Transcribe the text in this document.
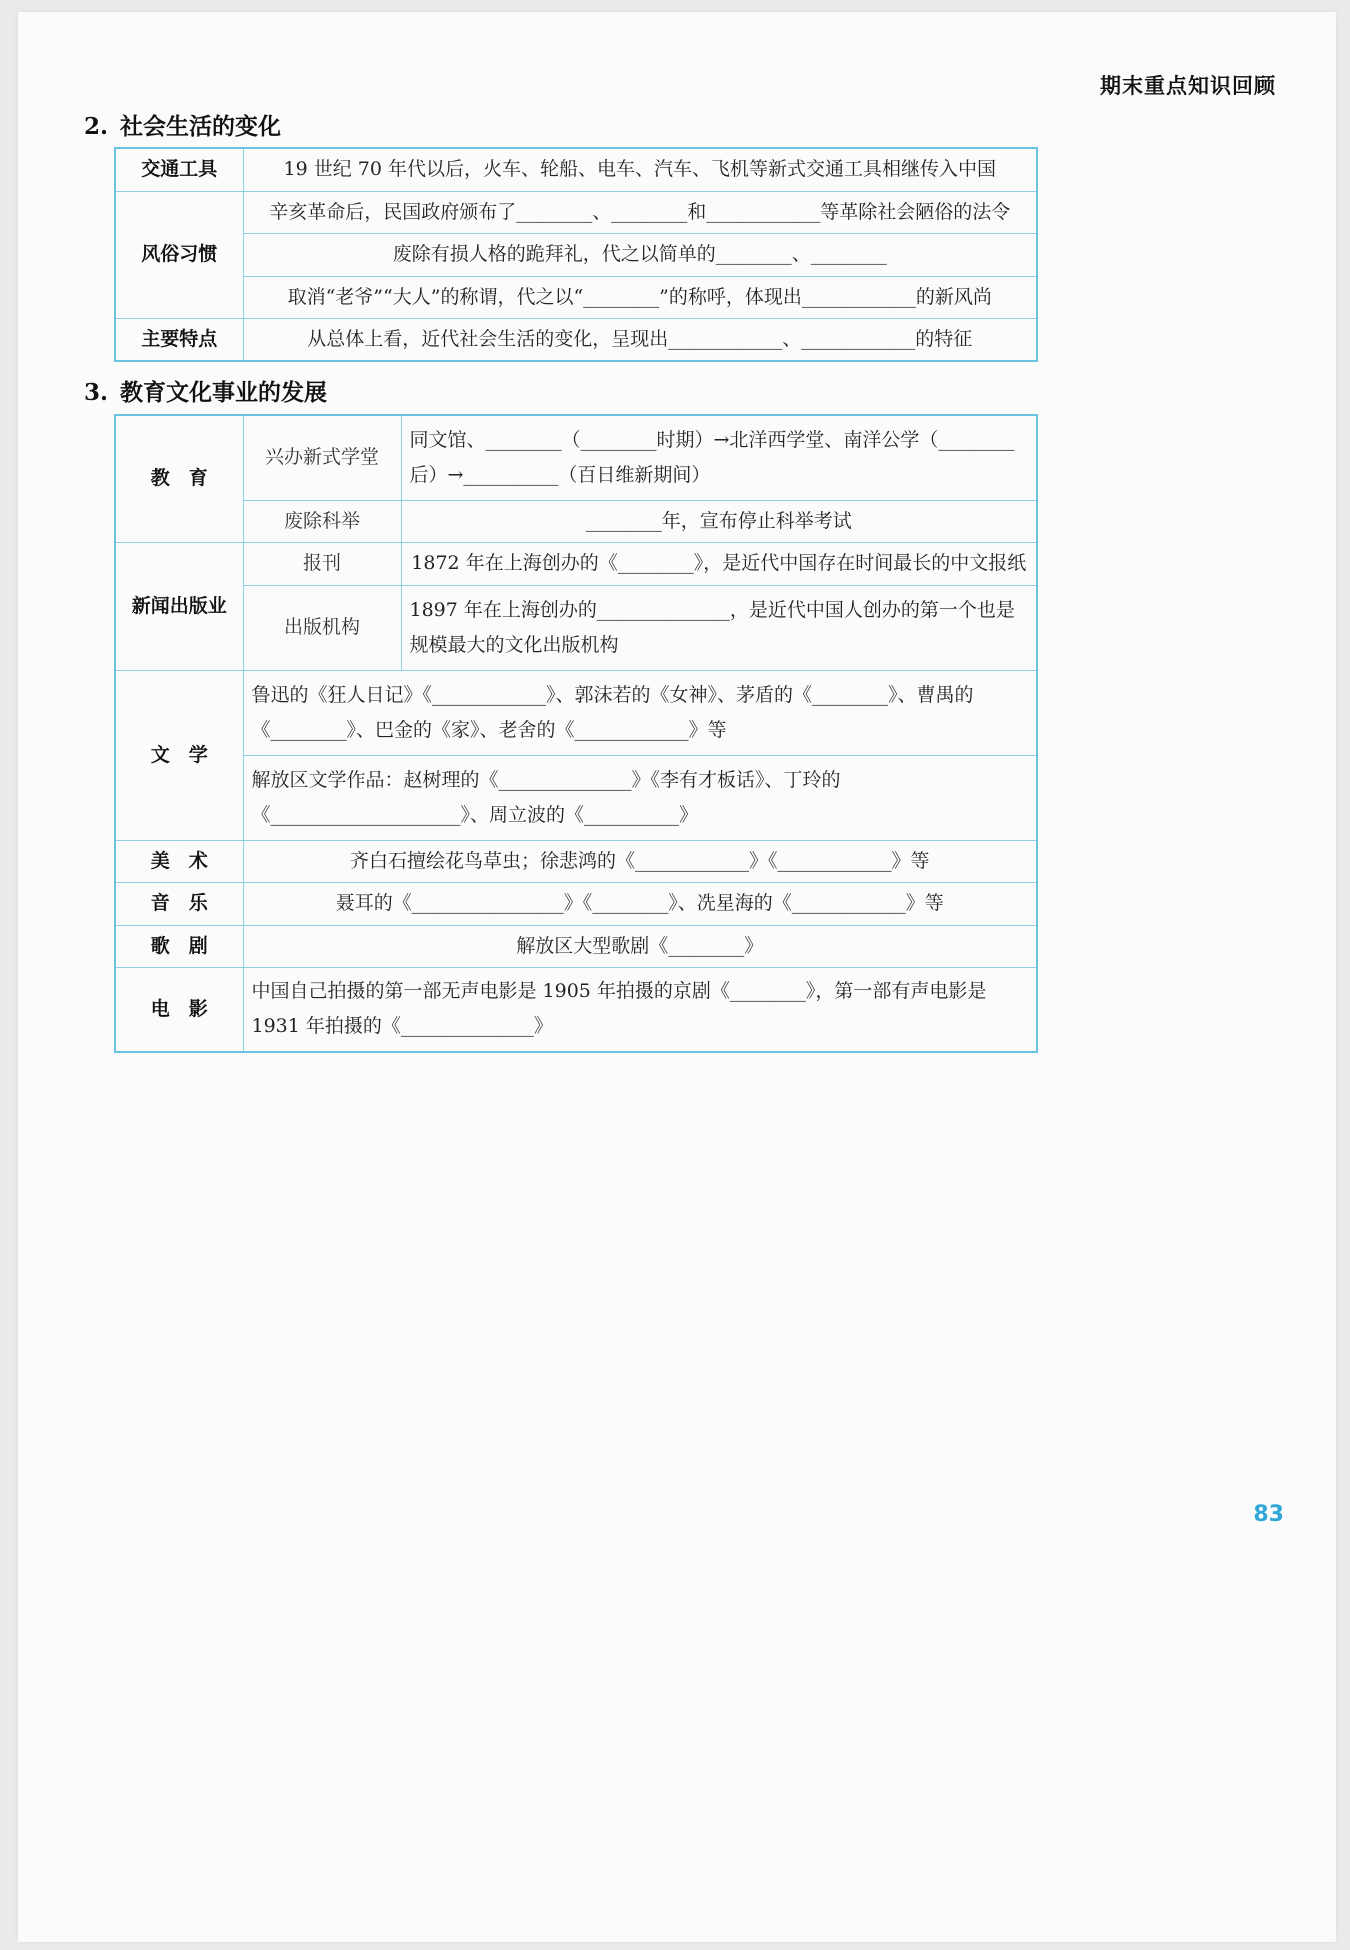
期末重点知识回顾
2. 社会生活的变化
交通工具	19 世纪 70 年代以后，火车、轮船、电车、汽车、飞机等新式交通工具相继传入中国
风俗习惯	辛亥革命后，民国政府颁布了________、________和____________等革除社会陋俗的法令
	废除有损人格的跪拜礼，代之以简单的________、________
	取消“老爷”“大人”的称谓，代之以“________”的称呼，体现出____________的新风尚
主要特点	从总体上看，近代社会生活的变化，呈现出____________、____________的特征
3. 教育文化事业的发展
教　育	兴办新式学堂	同文馆、________（________时期）→北洋西学堂、南洋公学（________后）→__________（百日维新期间）
	废除科举	________年，宣布停止科举考试
新闻出版业	报刊	1872 年在上海创办的《________》，是近代中国存在时间最长的中文报纸
	出版机构	1897 年在上海创办的______________，是近代中国人创办的第一个也是规模最大的文化出版机构
文　学	鲁迅的《狂人日记》《____________》、郭沫若的《女神》、茅盾的《________》、曹禺的《________》、巴金的《家》、老舍的《____________》等	
	解放区文学作品：赵树理的《______________》《李有才板话》、丁玲的《____________________》、周立波的《__________》	
美　术	齐白石擅绘花鸟草虫；徐悲鸿的《____________》《____________》等	
音　乐	聂耳的《________________》《________》、冼星海的《____________》等	
歌　剧	解放区大型歌剧《________》	
电　影	中国自己拍摄的第一部无声电影是 1905 年拍摄的京剧《________》，第一部有声电影是 1931 年拍摄的《______________》	
83
